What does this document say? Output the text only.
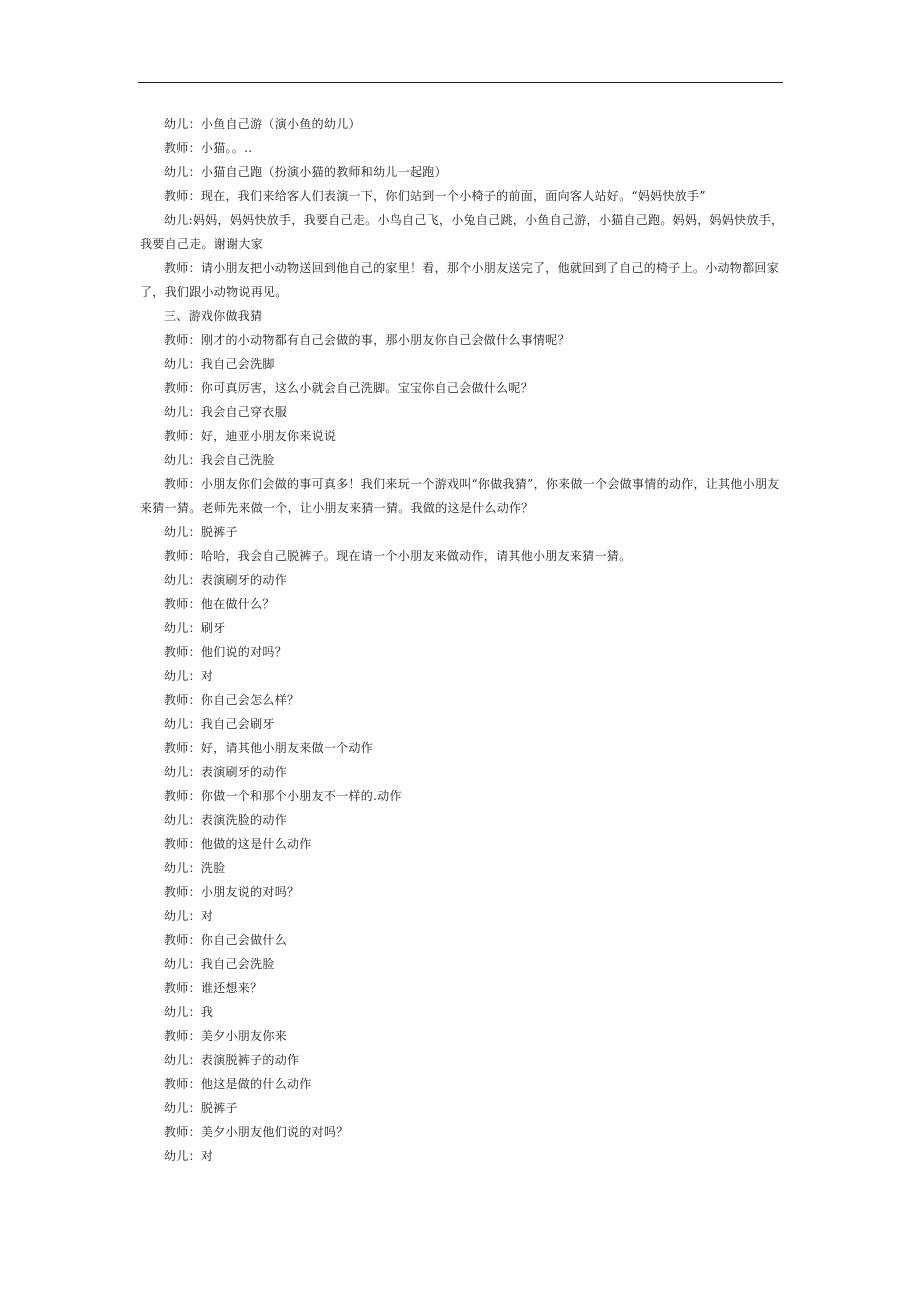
幼儿：小鱼自己游（演小鱼的幼儿）

教师：小猫。。..

幼儿：小猫自己跑（扮演小猫的教师和幼儿一起跑）

教师：现在，我们来给客人们表演一下，你们站到一个小椅子的前面，面向客人站好。“妈妈快放手”

幼儿:妈妈，妈妈快放手，我要自己走。小鸟自己飞，小兔自己跳，小鱼自己游，小猫自己跑。妈妈，妈妈快放手，我要自己走。谢谢大家

教师：请小朋友把小动物送回到他自己的家里！看，那个小朋友送完了，他就回到了自己的椅子上。小动物都回家了，我们跟小动物说再见。

三、游戏你做我猜

教师：刚才的小动物都有自己会做的事，那小朋友你自己会做什么事情呢？

幼儿：我自己会洗脚

教师：你可真厉害，这么小就会自己洗脚。宝宝你自己会做什么呢？

幼儿：我会自己穿衣服

教师：好，迪亚小朋友你来说说

幼儿：我会自己洗脸

教师：小朋友你们会做的事可真多！我们来玩一个游戏叫“你做我猜”，你来做一个会做事情的动作，让其他小朋友来猜一猜。老师先来做一个，让小朋友来猜一猜。我做的这是什么动作？

幼儿：脱裤子

教师：哈哈，我会自己脱裤子。现在请一个小朋友来做动作，请其他小朋友来猜一猜。

幼儿：表演刷牙的动作

教师：他在做什么？

幼儿：刷牙

教师：他们说的对吗？

幼儿：对

教师：你自己会怎么样？

幼儿：我自己会刷牙

教师：好，请其他小朋友来做一个动作

幼儿：表演刷牙的动作

教师：你做一个和那个小朋友不一样的.动作

幼儿：表演洗脸的动作

教师：他做的这是什么动作

幼儿：洗脸

教师：小朋友说的对吗？

幼儿：对

教师：你自己会做什么

幼儿：我自己会洗脸

教师：谁还想来？

幼儿：我

教师：美夕小朋友你来

幼儿：表演脱裤子的动作

教师：他这是做的什么动作

幼儿：脱裤子

教师：美夕小朋友他们说的对吗？

幼儿：对
